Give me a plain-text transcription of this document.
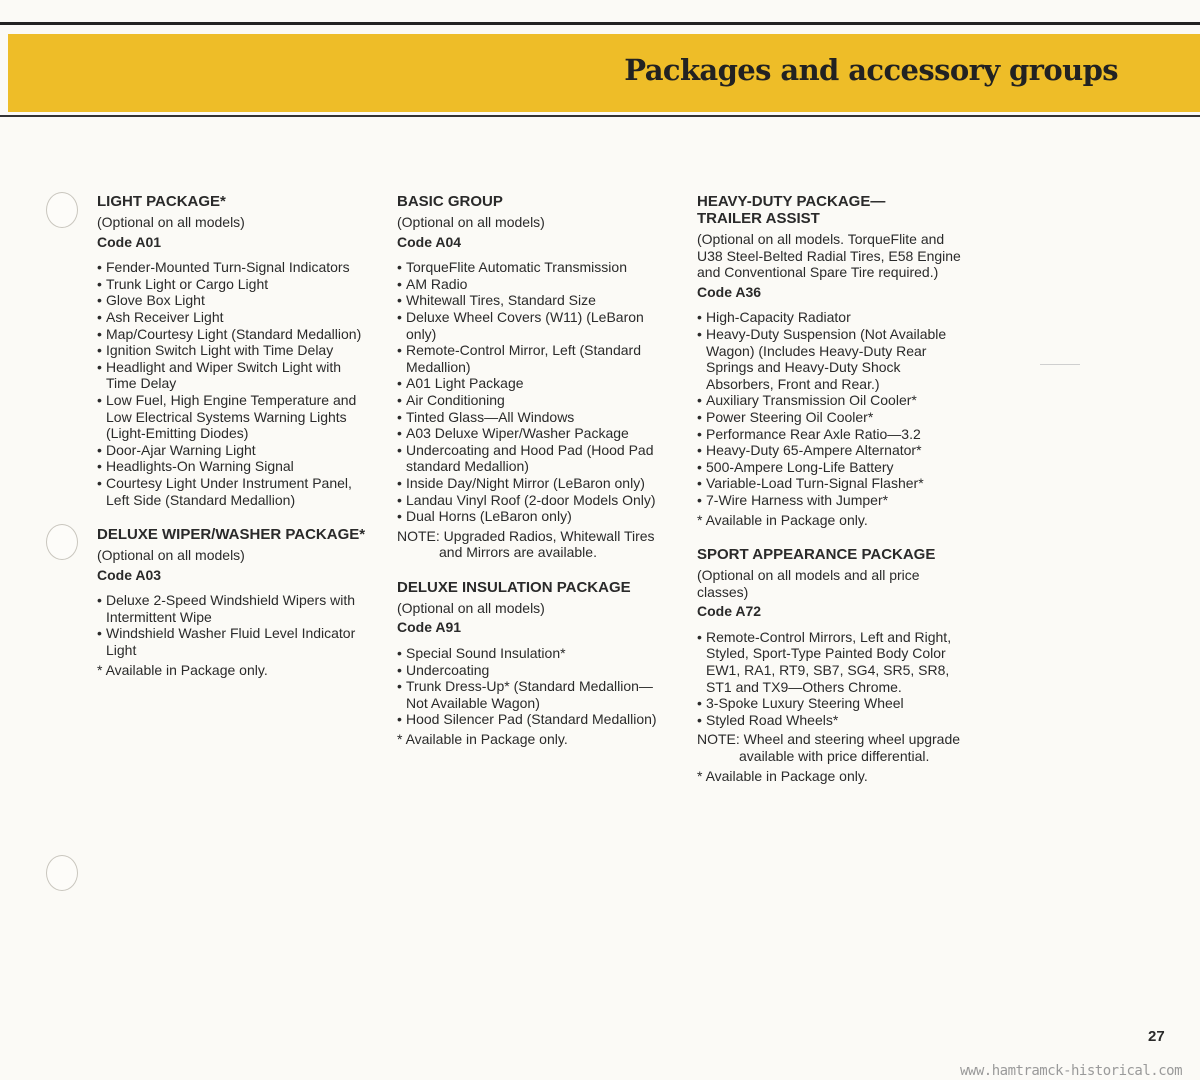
Packages and accessory groups
LIGHT PACKAGE*
(Optional on all models)
Code A01
• Fender-Mounted Turn-Signal Indicators
• Trunk Light or Cargo Light
• Glove Box Light
• Ash Receiver Light
• Map/Courtesy Light (Standard Medallion)
• Ignition Switch Light with Time Delay
• Headlight and Wiper Switch Light with Time Delay
• Low Fuel, High Engine Temperature and Low Electrical Systems Warning Lights (Light-Emitting Diodes)
• Door-Ajar Warning Light
• Headlights-On Warning Signal
• Courtesy Light Under Instrument Panel, Left Side (Standard Medallion)
DELUXE WIPER/WASHER PACKAGE*
(Optional on all models)
Code A03
• Deluxe 2-Speed Windshield Wipers with Intermittent Wipe
• Windshield Washer Fluid Level Indicator Light
* Available in Package only.
BASIC GROUP
(Optional on all models)
Code A04
• TorqueFlite Automatic Transmission
• AM Radio
• Whitewall Tires, Standard Size
• Deluxe Wheel Covers (W11) (LeBaron only)
• Remote-Control Mirror, Left (Standard Medallion)
• A01 Light Package
• Air Conditioning
• Tinted Glass—All Windows
• A03 Deluxe Wiper/Washer Package
• Undercoating and Hood Pad (Hood Pad standard Medallion)
• Inside Day/Night Mirror (LeBaron only)
• Landau Vinyl Roof (2-door Models Only)
• Dual Horns (LeBaron only)
NOTE: Upgraded Radios, Whitewall Tires
and Mirrors are available.
DELUXE INSULATION PACKAGE
(Optional on all models)
Code A91
• Special Sound Insulation*
• Undercoating
• Trunk Dress-Up* (Standard Medallion—Not Available Wagon)
• Hood Silencer Pad (Standard Medallion)
* Available in Package only.
HEAVY-DUTY PACKAGE—
TRAILER ASSIST
(Optional on all models. TorqueFlite and U38 Steel-Belted Radial Tires, E58 Engine and Conventional Spare Tire required.)
Code A36
• High-Capacity Radiator
• Heavy-Duty Suspension (Not Available Wagon) (Includes Heavy-Duty Rear Springs and Heavy-Duty Shock Absorbers, Front and Rear.)
• Auxiliary Transmission Oil Cooler*
• Power Steering Oil Cooler*
• Performance Rear Axle Ratio—3.2
• Heavy-Duty 65-Ampere Alternator*
• 500-Ampere Long-Life Battery
• Variable-Load Turn-Signal Flasher*
• 7-Wire Harness with Jumper*
* Available in Package only.
SPORT APPEARANCE PACKAGE
(Optional on all models and all price classes)
Code A72
• Remote-Control Mirrors, Left and Right, Styled, Sport-Type Painted Body Color EW1, RA1, RT9, SB7, SG4, SR5, SR8, ST1 and TX9—Others Chrome.
• 3-Spoke Luxury Steering Wheel
• Styled Road Wheels*
NOTE: Wheel and steering wheel upgrade
available with price differential.
* Available in Package only.
27
www.hamtramck-historical.com
